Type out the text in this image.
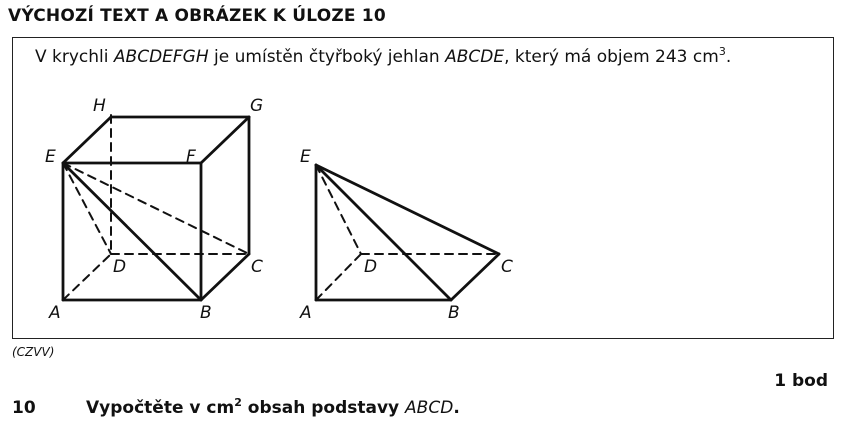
VÝCHOZÍ TEXT A OBRÁZEK K ÚLOZE 10
V krychli ABCDEFGH je umístěn čtyřboký jehlan ABCDE, který má objem 243 $cm^3$.
H	G
E	F
D	C
A	B
E
D	C
A	B
(CZVV)
1 bod
10	Vypočtěte v $cm^2$ obsah podstavy ABCD.
